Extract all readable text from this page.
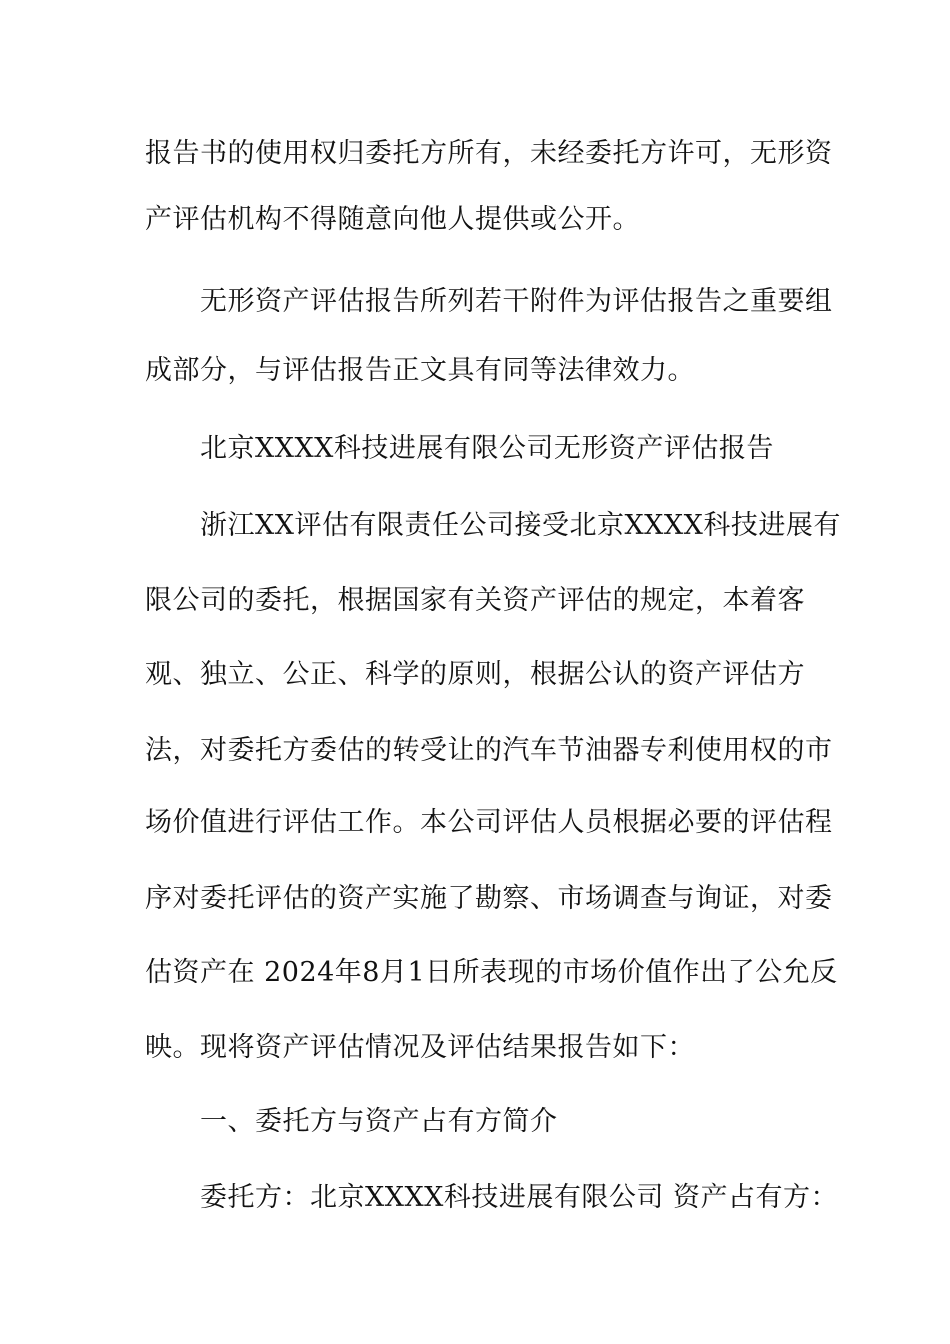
报告书的使用权归委托方所有，未经委托方许可，无形资
产评估机构不得随意向他人提供或公开。
无形资产评估报告所列若干附件为评估报告之重要组
成部分，与评估报告正文具有同等法律效力。
北京XXXX科技进展有限公司无形资产评估报告
浙江XX评估有限责任公司接受北京XXXX科技进展有
限公司的委托，根据国家有关资产评估的规定，本着客
观、独立、公正、科学的原则，根据公认的资产评估方
法，对委托方委估的转受让的汽车节油器专利使用权的市
场价值进行评估工作。本公司评估人员根据必要的评估程
序对委托评估的资产实施了勘察、市场调查与询证，对委
估资产在 2024年8月1日所表现的市场价值作出了公允反
映。现将资产评估情况及评估结果报告如下：
一、委托方与资产占有方简介
委托方：北京XXXX科技进展有限公司 资产占有方：
